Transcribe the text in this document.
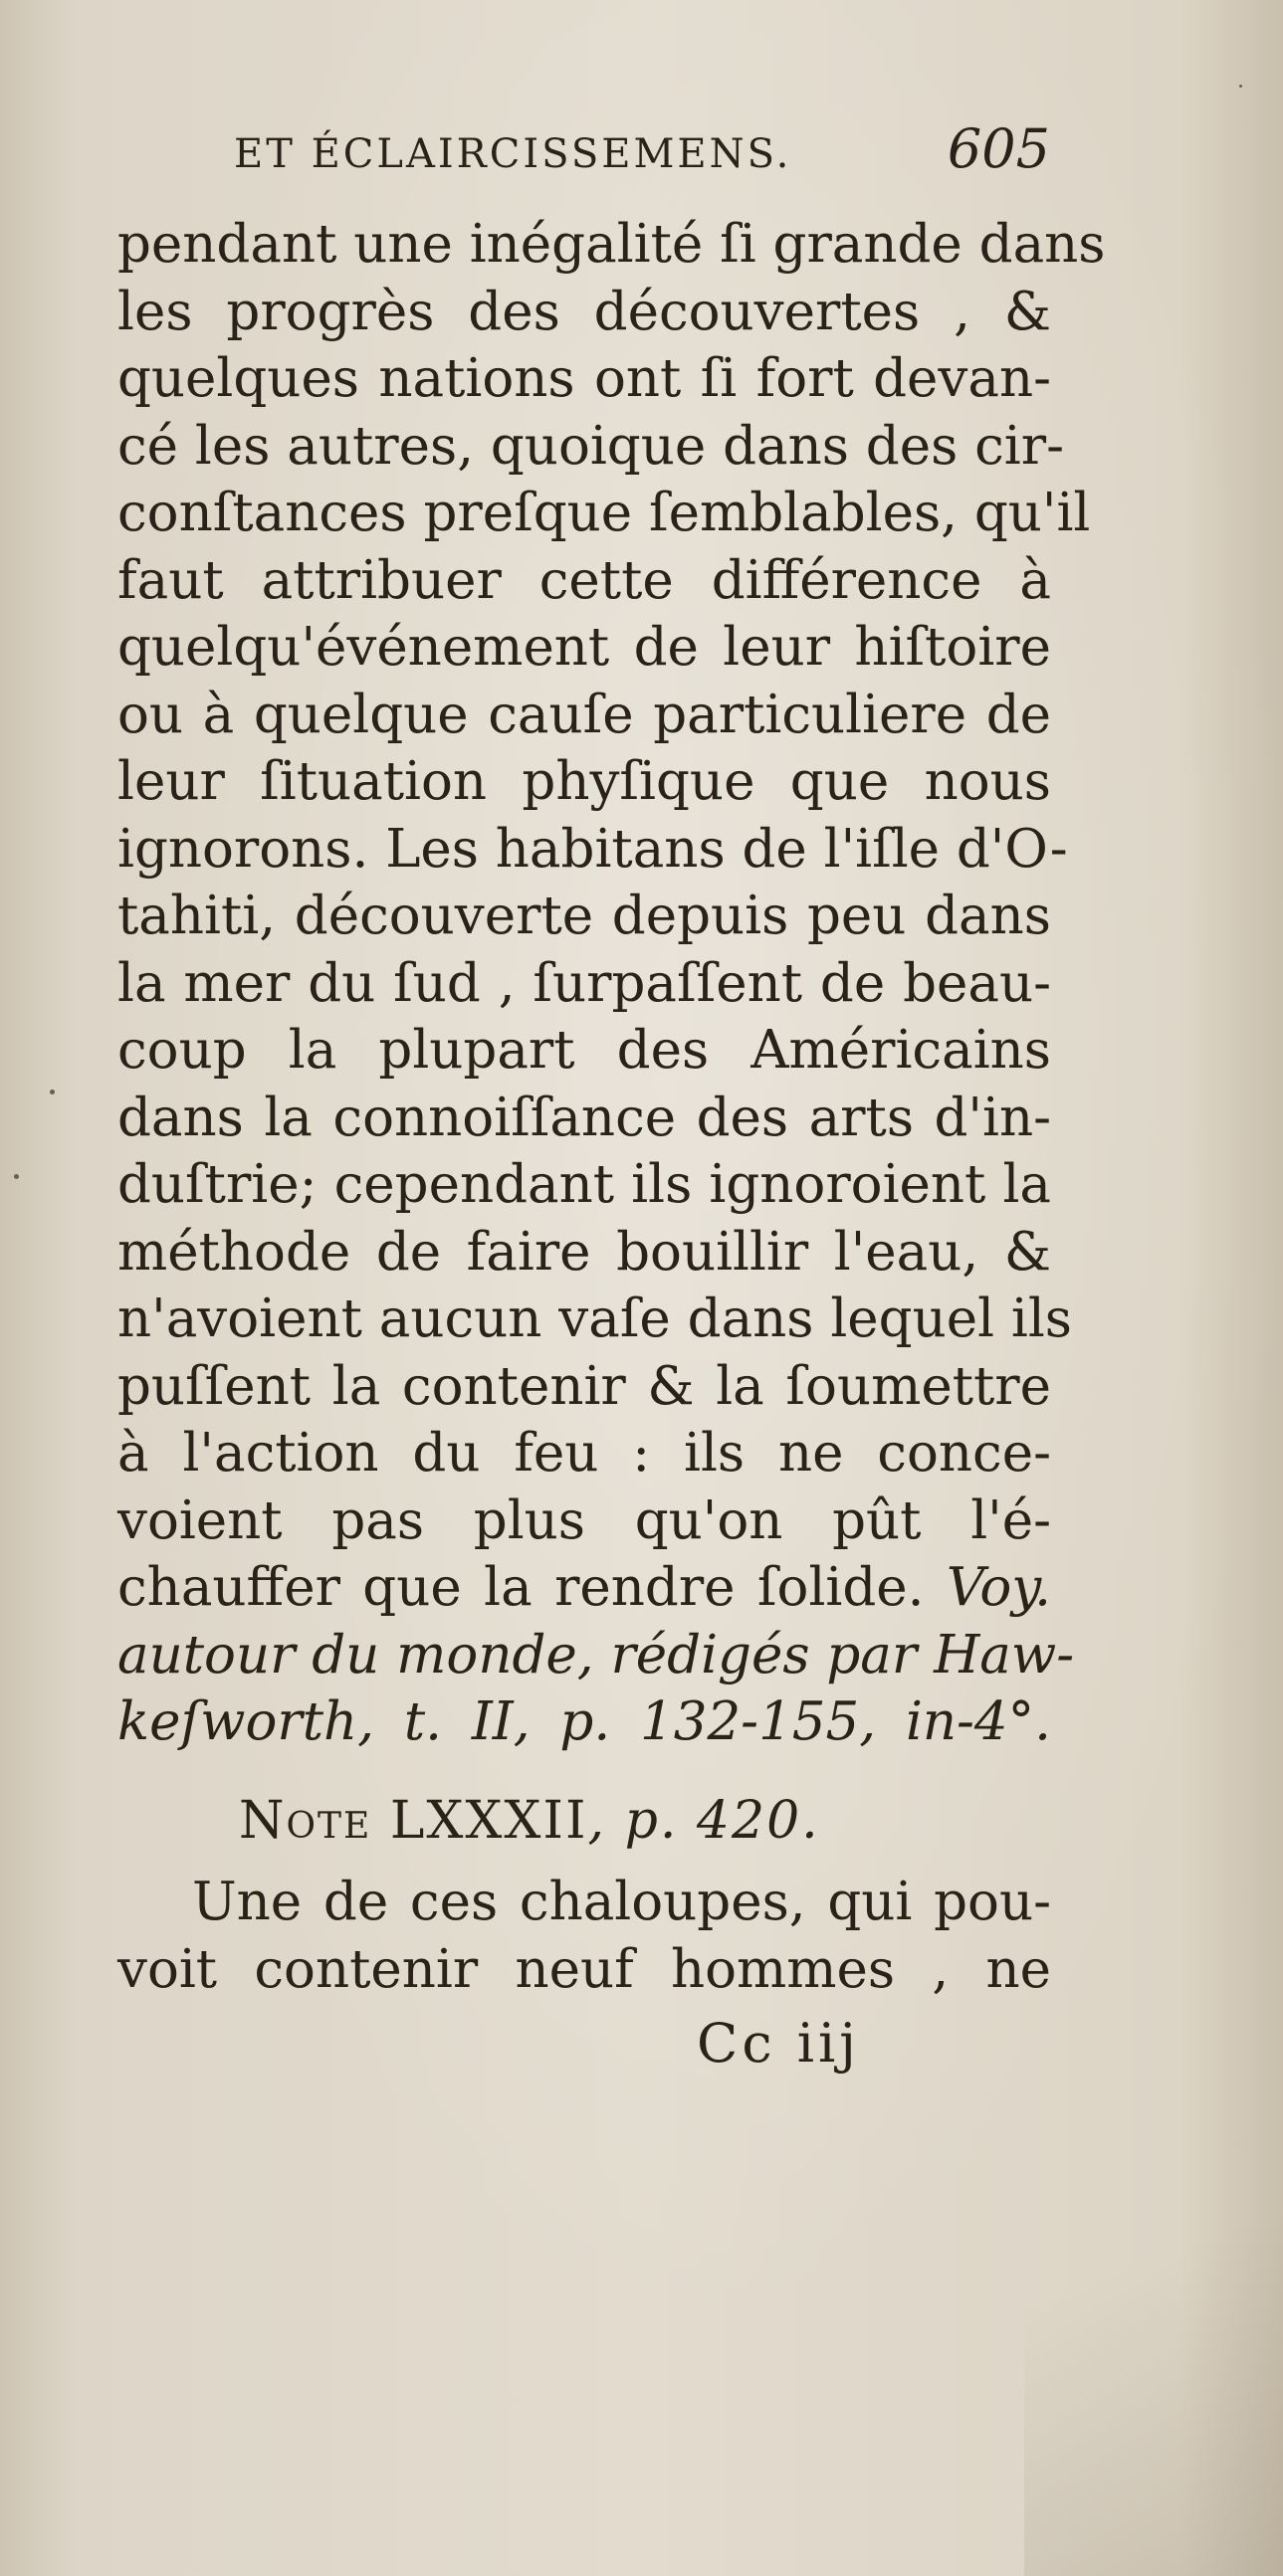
ET ÉCLAIRCISSEMENS.	605
pendant une inégalité ſi grande dans
les progrès des découvertes , &
quelques nations ont ſi fort devan-
cé les autres, quoique dans des cir-
conſtances preſque ſemblables, qu'il
faut attribuer cette différence à
quelqu'événement de leur hiſtoire
ou à quelque cauſe particuliere de
leur ſituation phyſique que nous
ignorons. Les habitans de l'iſle d'O-
tahiti, découverte depuis peu dans
la mer du ſud , ſurpaſſent de beau-
coup la plupart des Américains
dans la connoiſſance des arts d'in-
duſtrie; cependant ils ignoroient la
méthode de faire bouillir l'eau, &
n'avoient aucun vaſe dans lequel ils
puſſent la contenir & la ſoumettre
à l'action du feu : ils ne conce-
voient pas plus qu'on pût l'é-
chauffer que la rendre ſolide. Voy.
autour du monde, rédigés par Haw-
keſworth, t. II, p. 132-155, in-4°.
Note LXXXII, p. 420.
Une de ces chaloupes, qui pou-
voit contenir neuf hommes , ne
Cc iij
